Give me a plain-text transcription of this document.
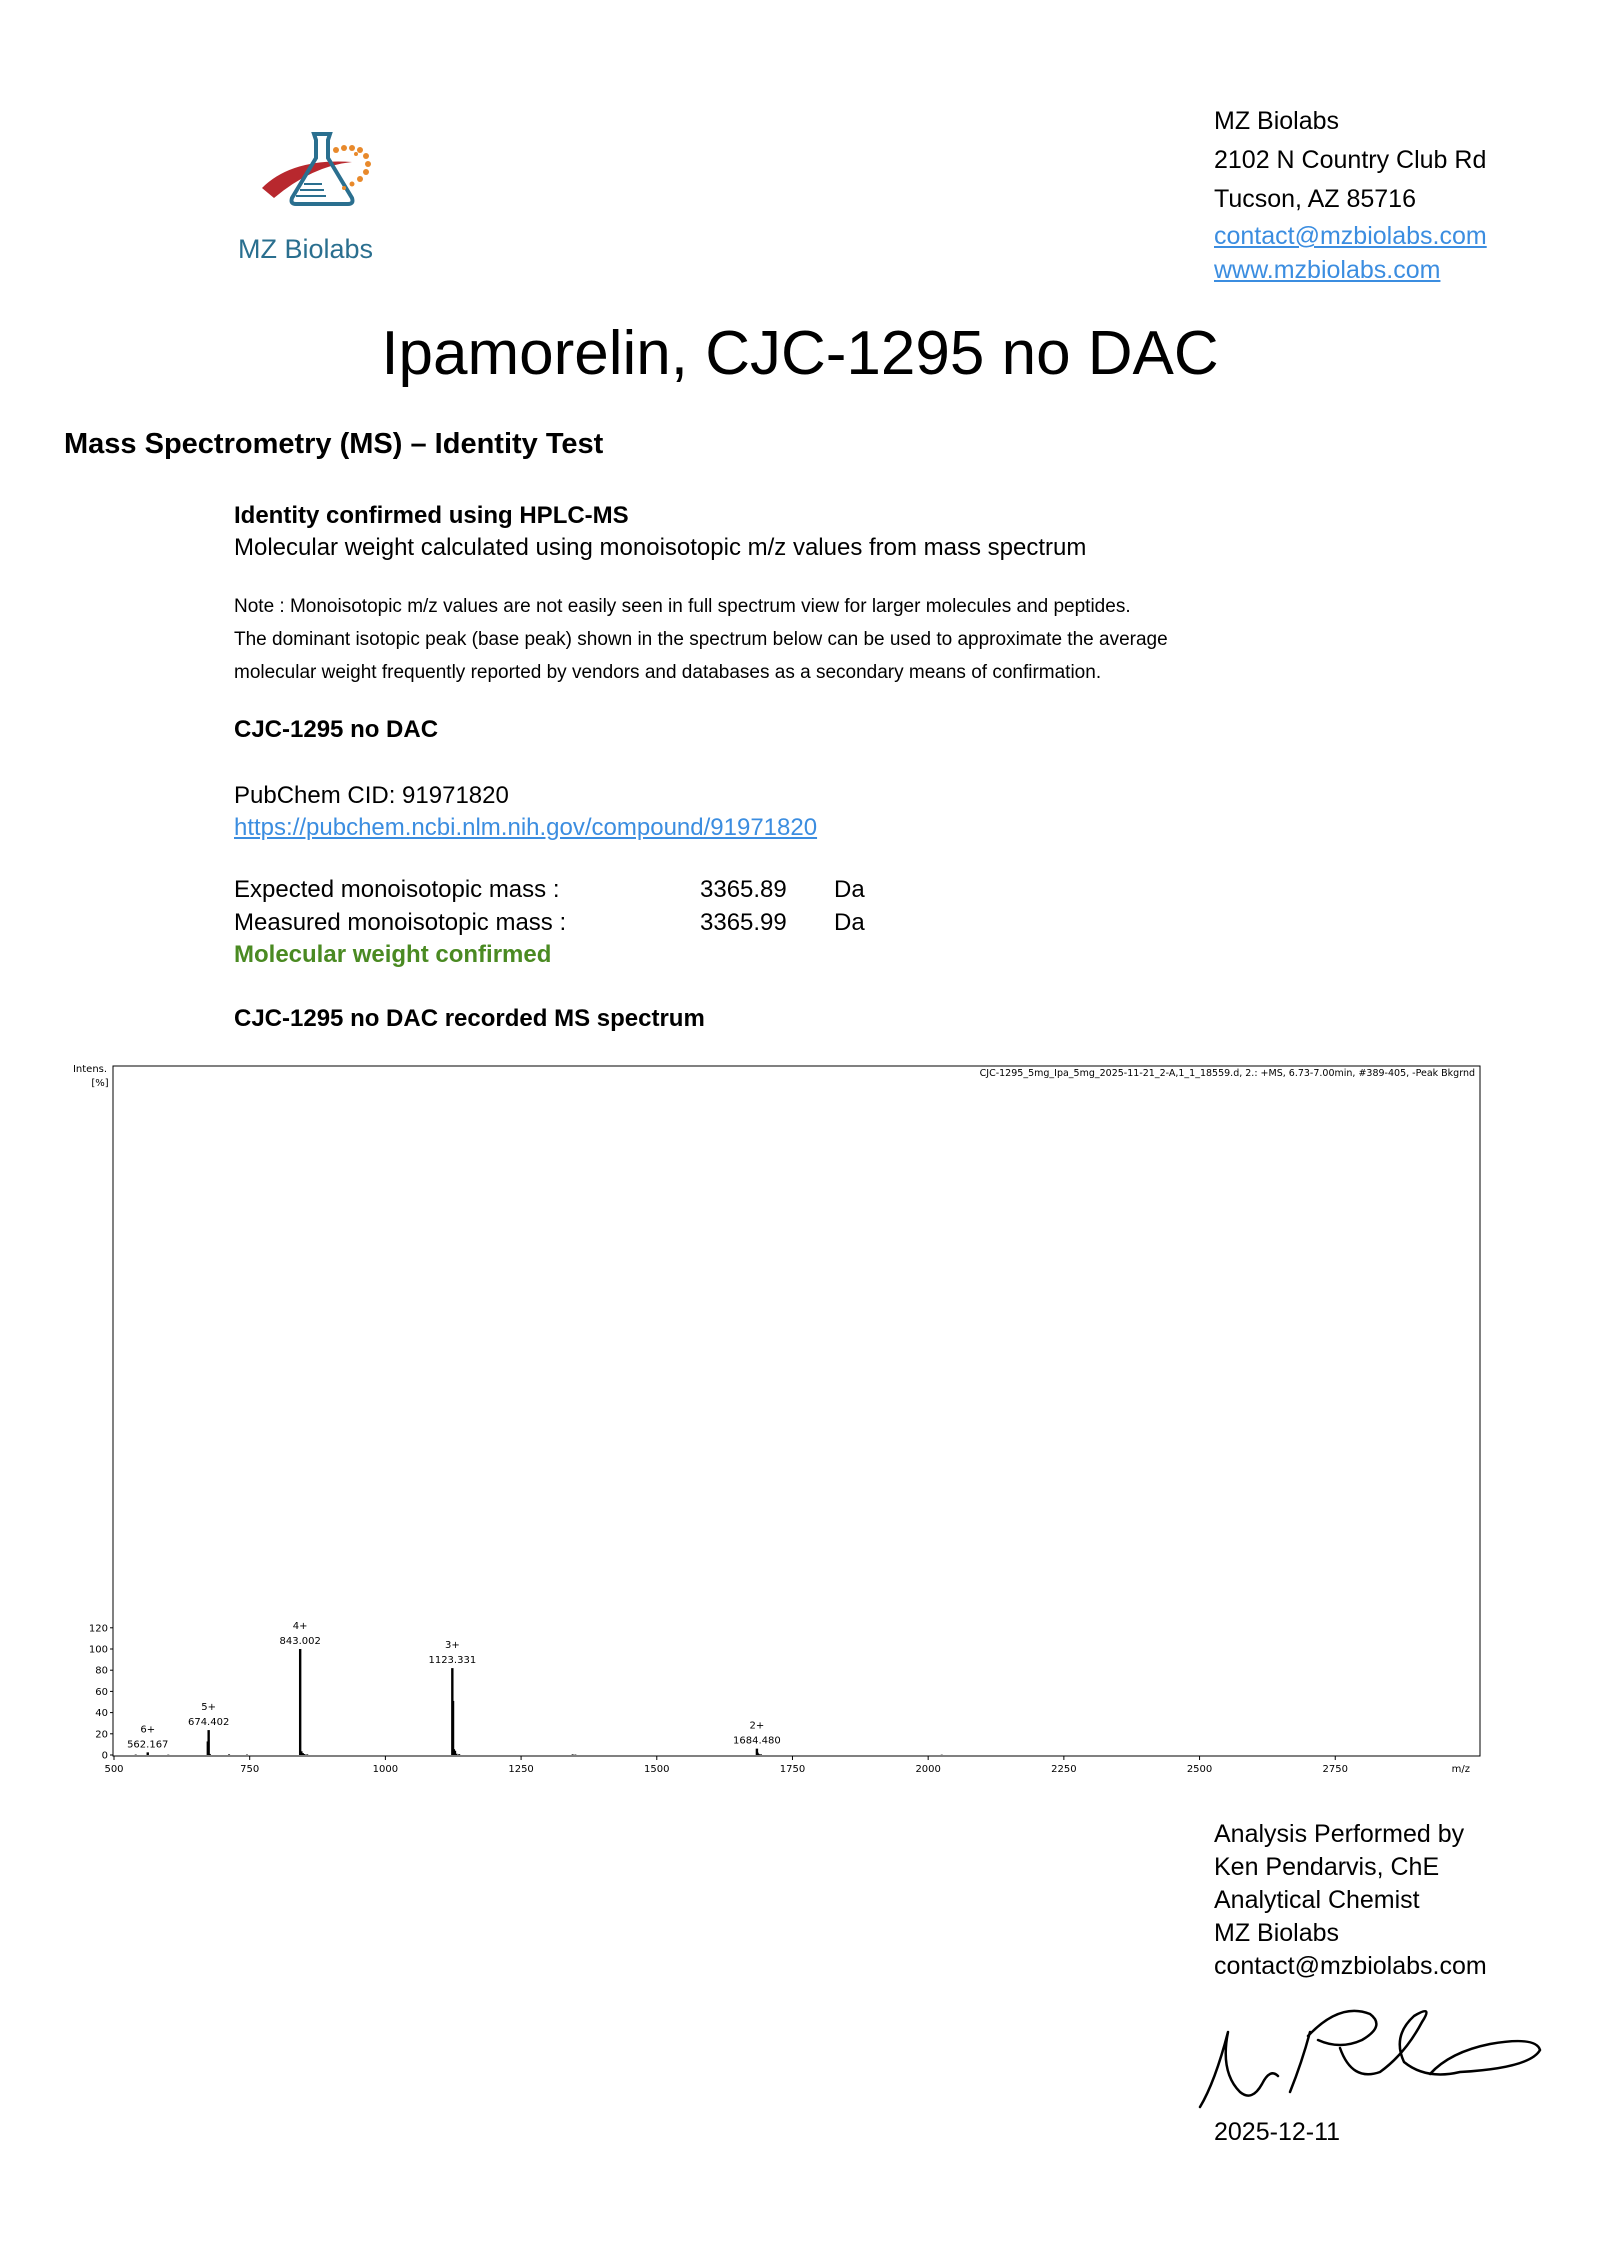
MZ Biolabs
MZ Biolabs
2102 N Country Club Rd
Tucson, AZ 85716
contact@mzbiolabs.com
www.mzbiolabs.com
Ipamorelin, CJC-1295 no DAC
Mass Spectrometry (MS) – Identity Test
Identity confirmed using HPLC-MS
Molecular weight calculated using monoisotopic m/z values from mass spectrum
Note : Monoisotopic m/z values are not easily seen in full spectrum view for larger molecules and peptides.
The dominant isotopic peak (base peak) shown in the spectrum below can be used to approximate the average
molecular weight frequently reported by vendors and databases as a secondary means of confirmation.
CJC-1295 no DAC
PubChem CID: 91971820
https://pubchem.ncbi.nlm.nih.gov/compound/91971820
Expected monoisotopic mass :	3365.89	Da
Measured monoisotopic mass :	3365.99	Da
Molecular weight confirmed
CJC-1295 no DAC recorded MS spectrum
Intens.
[%]
CJC-1295_5mg_Ipa_5mg_2025-11-21_2-A,1_1_18559.d, 2.: +MS, 6.73-7.00min, #389-405, -Peak Bkgrnd
m/z
0
20
40
60
80
100
120
500	750	1000	1250	1500	1750	2000	2250	2500	2750
6+
562.167
5+
674.402
4+
843.002	3+
1123.331
2+
1684.480
Analysis Performed by
Ken Pendarvis, ChE
Analytical Chemist
MZ Biolabs
contact@mzbiolabs.com
2025-12-11
